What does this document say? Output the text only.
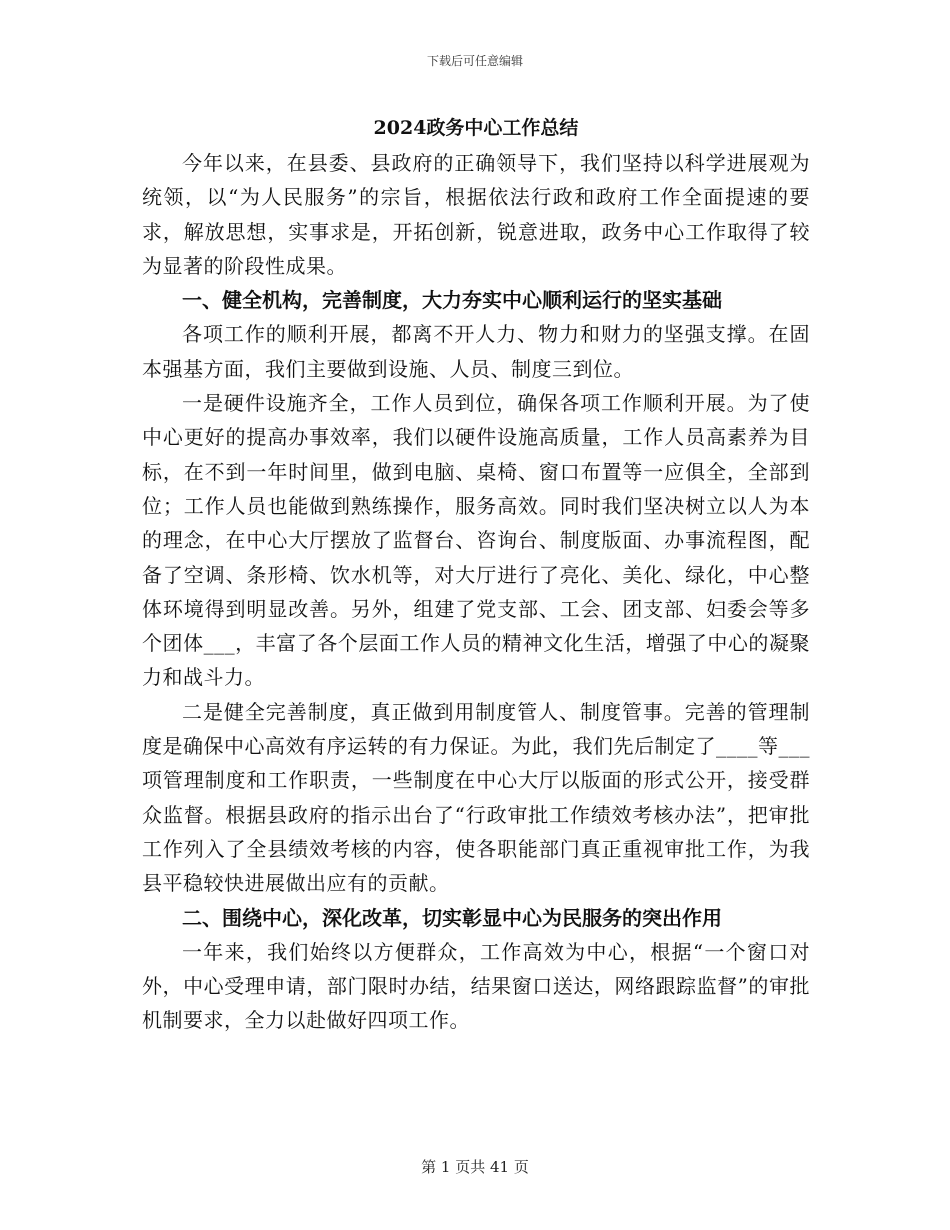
下载后可任意编辑
2024政务中心工作总结

今年以来，在县委、县政府的正确领导下，我们坚持以科学进展观为统领，以“为人民服务”的宗旨，根据依法行政和政府工作全面提速的要求，解放思想，实事求是，开拓创新，锐意进取，政务中心工作取得了较为显著的阶段性成果。

一、健全机构，完善制度，大力夯实中心顺利运行的坚实基础

各项工作的顺利开展，都离不开人力、物力和财力的坚强支撑。在固本强基方面，我们主要做到设施、人员、制度三到位。

一是硬件设施齐全，工作人员到位，确保各项工作顺利开展。为了使中心更好的提高办事效率，我们以硬件设施高质量，工作人员高素养为目标，在不到一年时间里，做到电脑、桌椅、窗口布置等一应俱全，全部到位；工作人员也能做到熟练操作，服务高效。同时我们坚决树立以人为本的理念，在中心大厅摆放了监督台、咨询台、制度版面、办事流程图，配备了空调、条形椅、饮水机等，对大厅进行了亮化、美化、绿化，中心整体环境得到明显改善。另外，组建了党支部、工会、团支部、妇委会等多个团体___，丰富了各个层面工作人员的精神文化生活，增强了中心的凝聚力和战斗力。

二是健全完善制度，真正做到用制度管人、制度管事。完善的管理制度是确保中心高效有序运转的有力保证。为此，我们先后制定了____等___项管理制度和工作职责，一些制度在中心大厅以版面的形式公开，接受群众监督。根据县政府的指示出台了“行政审批工作绩效考核办法”，把审批工作列入了全县绩效考核的内容，使各职能部门真正重视审批工作，为我县平稳较快进展做出应有的贡献。

二、围绕中心，深化改革，切实彰显中心为民服务的突出作用

一年来，我们始终以方便群众，工作高效为中心，根据“一个窗口对外，中心受理申请，部门限时办结，结果窗口送达，网络跟踪监督”的审批机制要求，全力以赴做好四项工作。

第 1 页共 41 页
